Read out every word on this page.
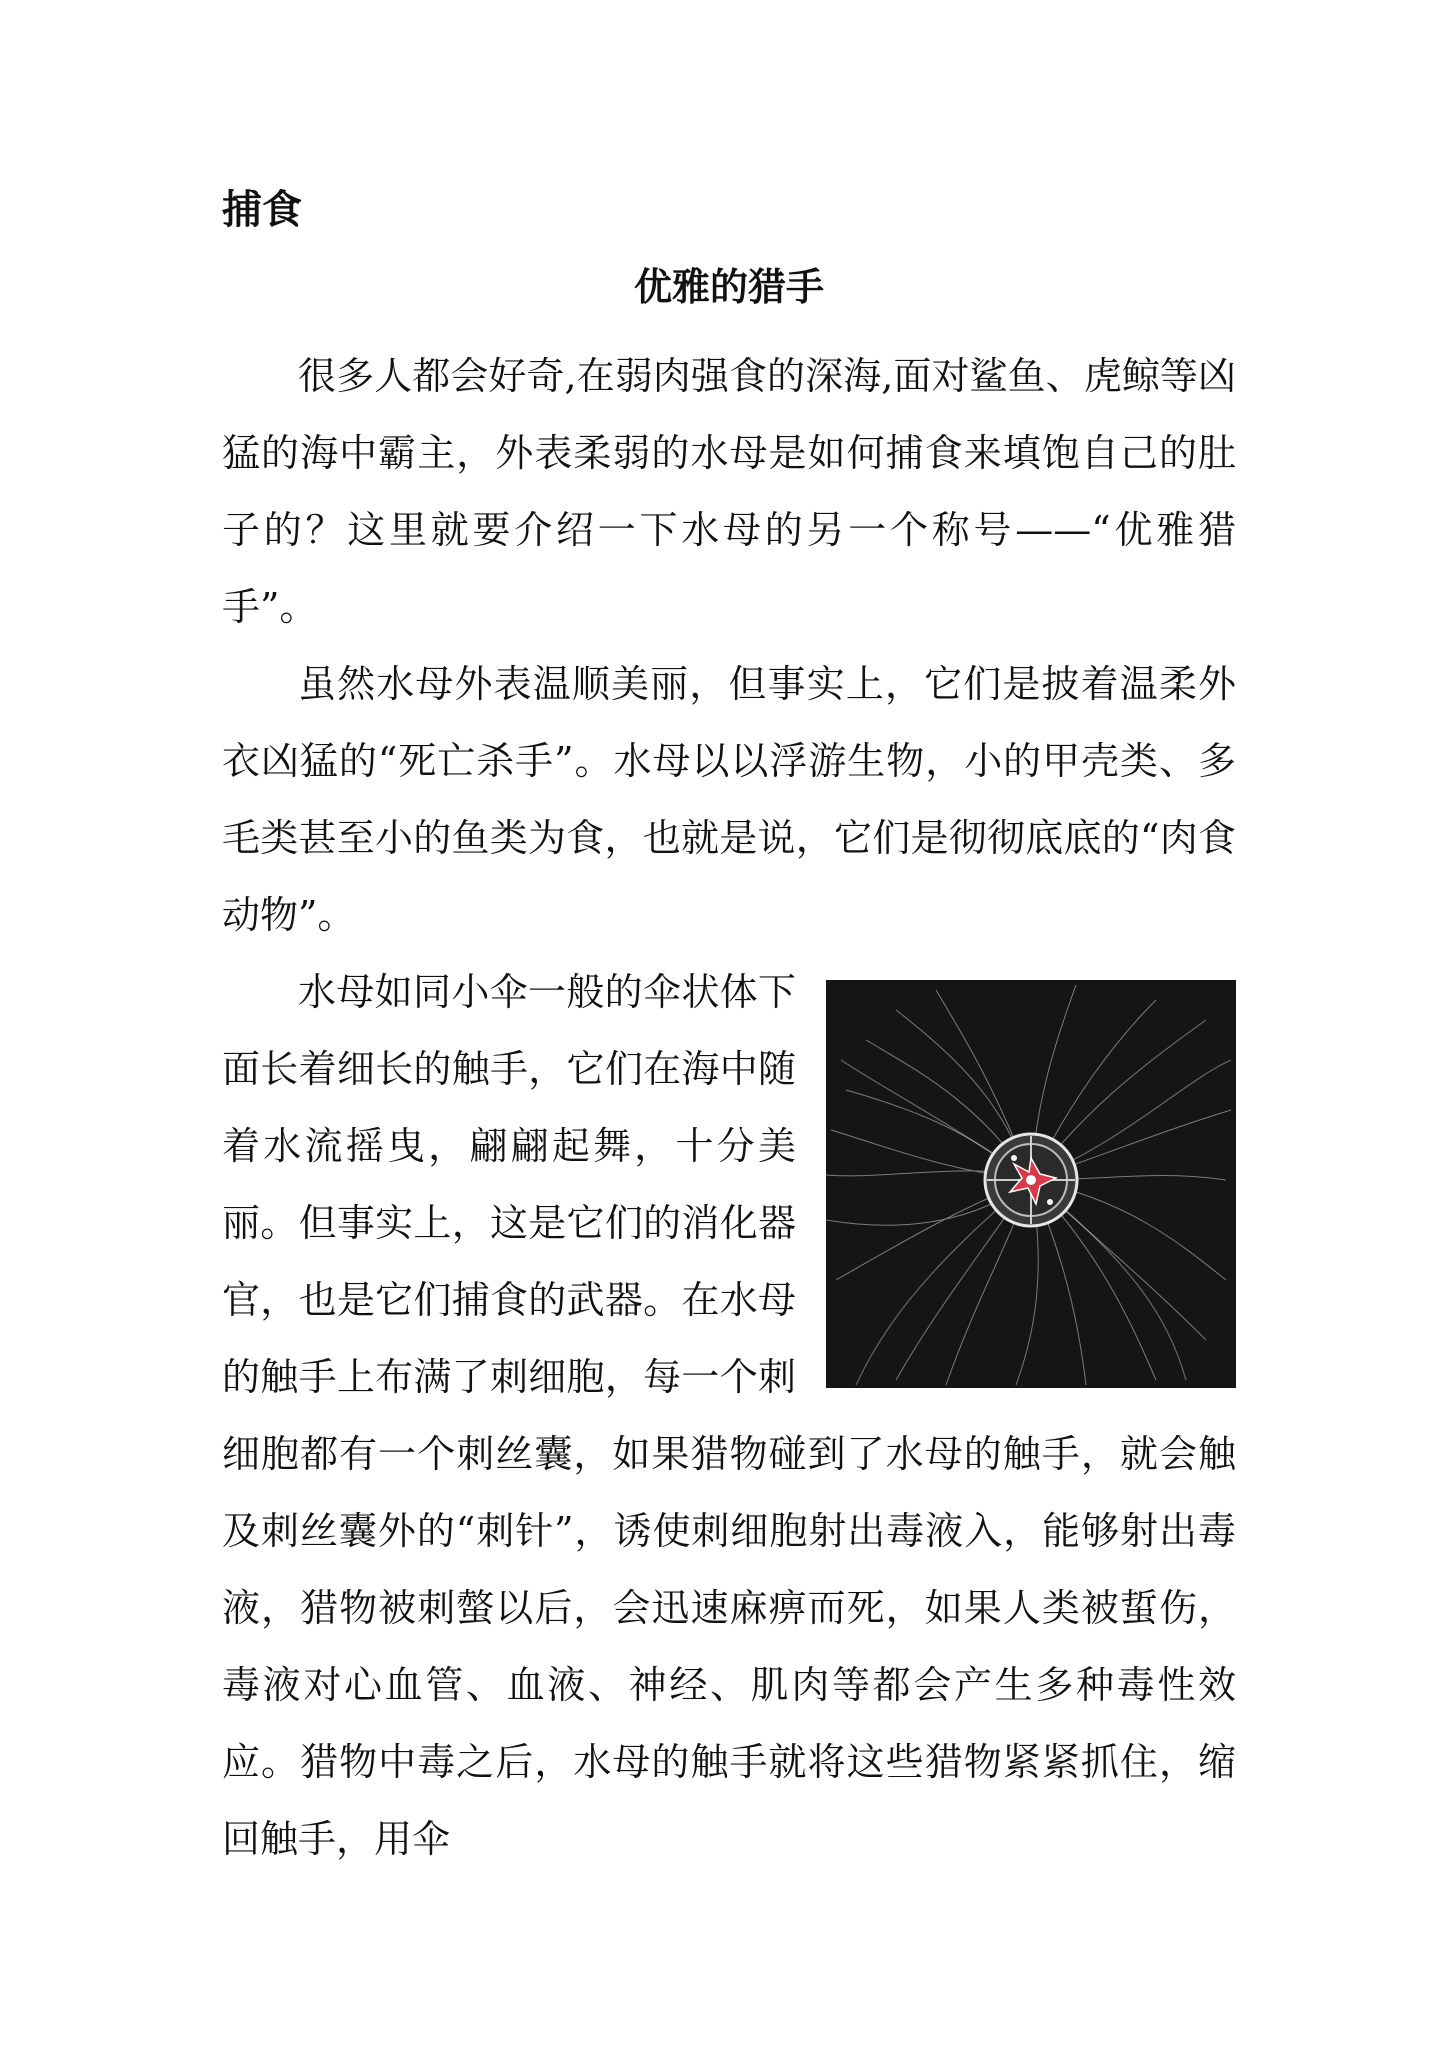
捕食
优雅的猎手

很多人都会好奇,在弱肉强食的深海,面对鲨鱼、虎鲸等凶猛的海中霸主，外表柔弱的水母是如何捕食来填饱自己的肚子的？这里就要介绍一下水母的另一个称号——“优雅猎手”。

虽然水母外表温顺美丽，但事实上，它们是披着温柔外衣凶猛的“死亡杀手”。水母以以浮游生物，小的甲壳类、多毛类甚至小的鱼类为食，也就是说，它们是彻彻底底的“肉食动物”。

水母如同小伞一般的伞状体下面长着细长的触手，它们在海中随着水流摇曳，翩翩起舞，十分美丽。但事实上，这是它们的消化器官，也是它们捕食的武器。在水母的触手上布满了刺细胞，每一个刺细胞都有一个刺丝囊，如果猎物碰到了水母的触手，就会触及刺丝囊外的“刺针”，诱使刺细胞射出毒液入，能够射出毒液，猎物被刺螫以后，会迅速麻痹而死，如果人类被蜇伤，毒液对心血管、血液、神经、肌肉等都会产生多种毒性效应。猎物中毒之后，水母的触手就将这些猎物紧紧抓住，缩回触手，用伞
